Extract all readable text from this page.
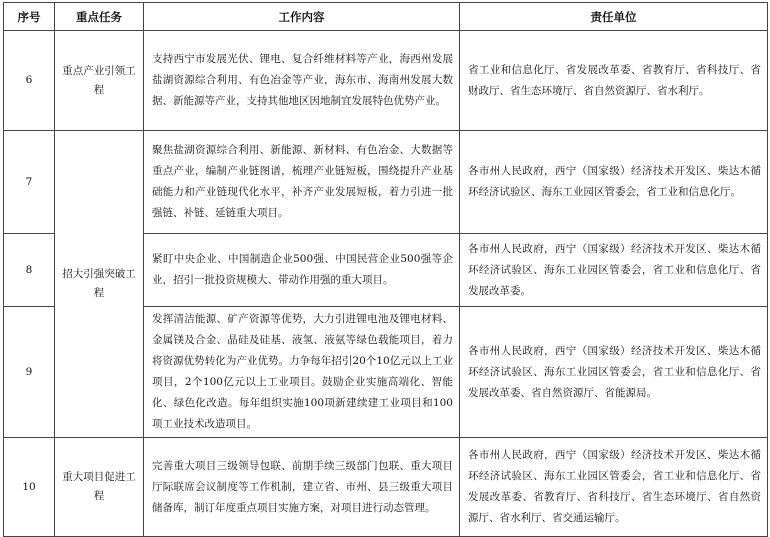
序号	重点任务	工作内容	责任单位
6	重点产业引领工程	支持西宁市发展光伏、锂电、复合纤维材料等产业，海西州发展盐湖资源综合利用、有色冶金等产业，海东市、海南州发展大数据、新能源等产业，支持其他地区因地制宜发展特色优势产业。	省工业和信息化厅、省发展改革委、省教育厅、省科技厅、省财政厅、省生态环境厅、省自然资源厅、省水利厅。
7	招大引强突破工程	聚焦盐湖资源综合利用、新能源、新材料、有色冶金、大数据等重点产业，编制产业链图谱，梳理产业链短板，围绕提升产业基础能力和产业链现代化水平，补齐产业发展短板，着力引进一批强链、补链、延链重大项目。	各市州人民政府，西宁（国家级）经济技术开发区、柴达木循环经济试验区、海东工业园区管委会，省工业和信息化厅。
8		紧盯中央企业、中国制造企业500强、中国民营企业500强等企业，招引一批投资规模大、带动作用强的重大项目。	各市州人民政府，西宁（国家级）经济技术开发区、柴达木循环经济试验区、海东工业园区管委会，省工业和信息化厅、省发展改革委。
9		发挥清洁能源、矿产资源等优势，大力引进锂电池及锂电材料、金属镁及合金、晶硅及硅基、液氢、液氨等绿色载能项目，着力将资源优势转化为产业优势。力争每年招引20个10亿元以上工业项目，2个100亿元以上工业项目。鼓励企业实施高端化、智能化、绿色化改造。每年组织实施100项新建续建工业项目和100项工业技术改造项目。	各市州人民政府，西宁（国家级）经济技术开发区、柴达木循环经济试验区、海东工业园区管委会，省工业和信息化厅、省发展改革委、省自然资源厅、省能源局。
10	重大项目促进工程	完善重大项目三级领导包联、前期手续三级部门包联、重大项目厅际联席会议制度等工作机制，建立省、市州、县三级重大项目储备库，制订年度重点项目实施方案，对项目进行动态管理。	各市州人民政府，西宁（国家级）经济技术开发区、柴达木循环经济试验区、海东工业园区管委会，省工业和信息化厅、省发展改革委、省教育厅、省科技厅、省生态环境厅、省自然资源厅、省水利厅、省交通运输厅。
